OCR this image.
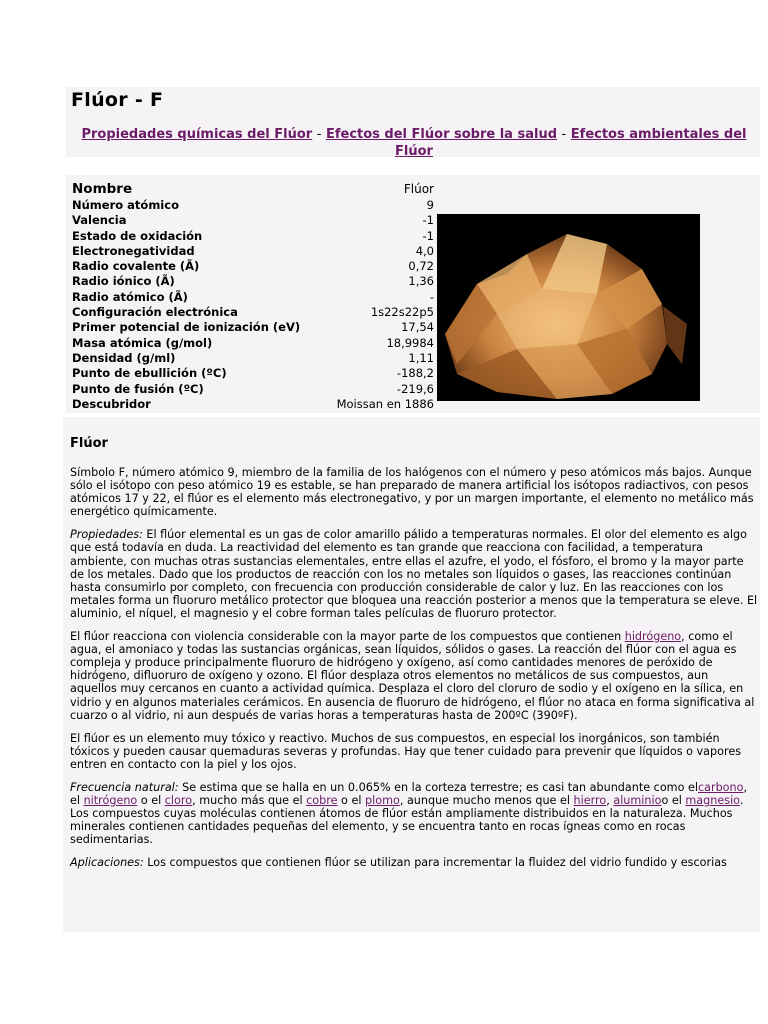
Flúor - F
Propiedades químicas del Flúor - Efectos del Flúor sobre la salud - Efectos ambientales del Flúor
Nombre	Flúor
Número atómico	9
Valencia	-1
Estado de oxidación	-1
Electronegatividad	4,0
Radio covalente (Ã)	0,72
Radio iónico (Ã)	1,36
Radio atómico (Ã)	-
Configuración electrónica	1s22s22p5
Primer potencial de ionización (eV)	17,54
Masa atómica (g/mol)	18,9984
Densidad (g/ml)	1,11
Punto de ebullición (ºC)	-188,2
Punto de fusión (ºC)	-219,6
Descubridor	Moissan en 1886
Flúor

Símbolo F, número atómico 9, miembro de la familia de los halógenos con el número y peso atómicos más bajos. Aunque sólo el isótopo con peso atómico 19 es estable, se han preparado de manera artificial los isótopos radiactivos, con pesos atómicos 17 y 22, el flúor es el elemento más electronegativo, y por un margen importante, el elemento no metálico más energético químicamente.

Propiedades: El flúor elemental es un gas de color amarillo pálido a temperaturas normales. El olor del elemento es algo que está todavía en duda. La reactividad del elemento es tan grande que reacciona con facilidad, a temperatura ambiente, con muchas otras sustancias elementales, entre ellas el azufre, el yodo, el fósforo, el bromo y la mayor parte de los metales. Dado que los productos de reacción con los no metales son líquidos o gases, las reacciones continúan hasta consumirlo por completo, con frecuencia con producción considerable de calor y luz. En las reacciones con los metales forma un fluoruro metálico protector que bloquea una reacción posterior a menos que la temperatura se eleve. El aluminio, el níquel, el magnesio y el cobre forman tales películas de fluoruro protector.

El flúor reacciona con violencia considerable con la mayor parte de los compuestos que contienen hidrógeno, como el agua, el amoniaco y todas las sustancias orgánicas, sean líquidos, sólidos o gases. La reacción del flúor con el agua es compleja y produce principalmente fluoruro de hidrógeno y oxígeno, así como cantidades menores de peróxido de hidrógeno, difluoruro de oxígeno y ozono. El flúor desplaza otros elementos no metálicos de sus compuestos, aun aquellos muy cercanos en cuanto a actividad química. Desplaza el cloro del cloruro de sodio y el oxígeno en la sílica, en vidrio y en algunos materiales cerámicos. En ausencia de fluoruro de hidrógeno, el flúor no ataca en forma significativa al cuarzo o al vidrio, ni aun después de varias horas a temperaturas hasta de 200ºC (390ºF).

El flúor es un elemento muy tóxico y reactivo. Muchos de sus compuestos, en especial los inorgánicos, son también tóxicos y pueden causar quemaduras severas y profundas. Hay que tener cuidado para prevenir que líquidos o vapores entren en contacto con la piel y los ojos.

Frecuencia natural: Se estima que se halla en un 0.065% en la corteza terrestre; es casi tan abundante como elcarbono, el nitrógeno o el cloro, mucho más que el cobre o el plomo, aunque mucho menos que el hierro, aluminioo el magnesio. Los compuestos cuyas moléculas contienen átomos de flúor están ampliamente distribuidos en la naturaleza. Muchos minerales contienen cantidades pequeñas del elemento, y se encuentra tanto en rocas ígneas como en rocas sedimentarias.

Aplicaciones: Los compuestos que contienen flúor se utilizan para incrementar la fluidez del vidrio fundido y escorias
